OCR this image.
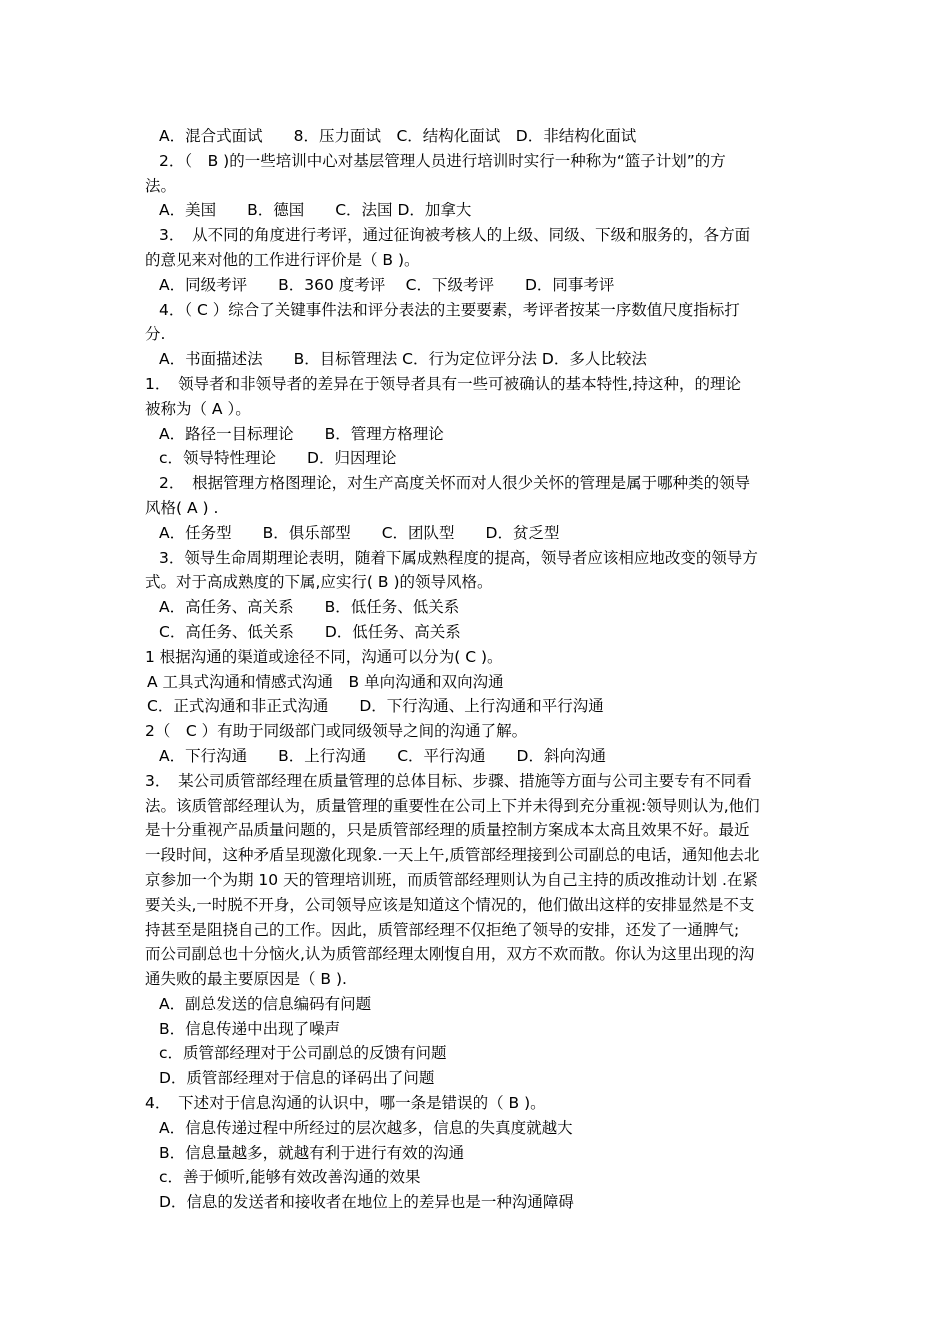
A．混合式面试　　8．压力面试　C．结构化面试　D．非结构化面试
2．（　B )的一些培训中心对基层管理人员进行培训时实行一种称为“篮子计划”的方
法。
A．美国　　B．德国　　C．法国 D．加拿大
3．　从不同的角度进行考评，通过征询被考核人的上级、同级、下级和服务的，各方面
的意见来对他的工作进行评价是（ B )。
A．同级考评　　B．360 度考评　 C．下级考评　　D．同事考评
4．（ C ）综合了关键事件法和评分表法的主要要素，考评者按某一序数值尺度指标打
分.
A．书面描述法　　B．目标管理法 C．行为定位评分法 D．多人比较法
1．　领导者和非领导者的差异在于领导者具有一些可被确认的基本特性,持这种，的理论
被称为（ A ）。
A．路径一目标理论　　B．管理方格理论
c．领导特性理论　　D．归因理论
2．　根据管理方格图理论，对生产高度关怀而对人很少关怀的管理是属于哪种类的领导
风格( A ) .
A．任务型　　B．俱乐部型　　C．团队型　　D．贫乏型
3．领导生命周期理论表明，随着下属成熟程度的提高，领导者应该相应地改变的领导方
式。对于高成熟度的下属,应实行( B )的领导风格。
A．高任务、高关系　　B．低任务、低关系
C．高任务、低关系　　D．低任务、高关系
1 根据沟通的渠道或途径不同，沟通可以分为( C )。
A 工具式沟通和情感式沟通　B 单向沟通和双向沟通
C．正式沟通和非正式沟通　　D．下行沟通、上行沟通和平行沟通
2（　C ）有助于同级部门或同级领导之间的沟通了解。
A．下行沟通　　B．上行沟通　　C．平行沟通　　D．斜向沟通
3．　某公司质管部经理在质量管理的总体目标、步骤、措施等方面与公司主要专有不同看
法。该质管部经理认为，质量管理的重要性在公司上下并未得到充分重视:领导则认为,他们
是十分重视产品质量问题的，只是质管部经理的质量控制方案成本太高且效果不好。最近
一段时间，这种矛盾呈现激化现象.一天上午,质管部经理接到公司副总的电话，通知他去北
京参加一个为期 10 天的管理培训班，而质管部经理则认为自己主持的质改推动计划 .在紧
要关头,一时脱不开身，公司领导应该是知道这个情况的，他们做出这样的安排显然是不支
持甚至是阻挠自己的工作。因此，质管部经理不仅拒绝了领导的安排，还发了一通脾气;
而公司副总也十分恼火,认为质管部经理太刚愎自用，双方不欢而散。你认为这里出现的沟
通失败的最主要原因是（ B ).
A．副总发送的信息编码有问题
B．信息传递中出现了噪声
c．质管部经理对于公司副总的反馈有问题
D．质管部经理对于信息的译码出了问题
4．　下述对于信息沟通的认识中，哪一条是错误的（ B )。
A．信息传递过程中所经过的层次越多，信息的失真度就越大
B．信息量越多，就越有利于进行有效的沟通
c．善于倾听,能够有效改善沟通的效果
D．信息的发送者和接收者在地位上的差异也是一种沟通障碍
